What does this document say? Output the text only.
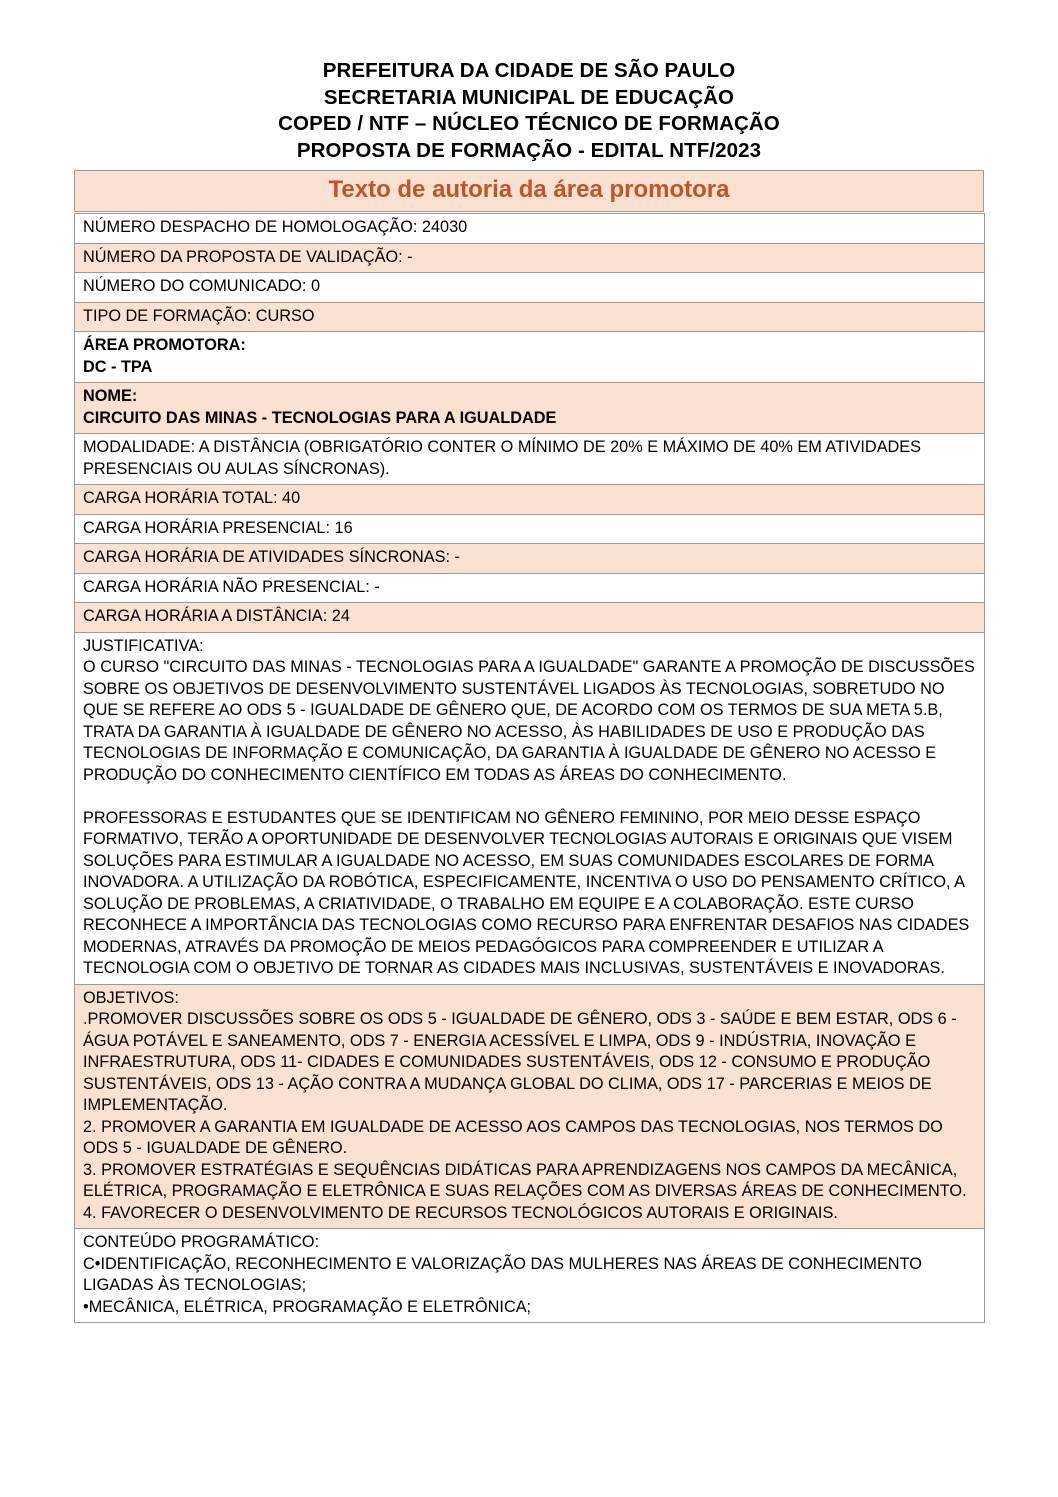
PREFEITURA DA CIDADE DE SÃO PAULO
SECRETARIA MUNICIPAL DE EDUCAÇÃO
COPED / NTF – NÚCLEO TÉCNICO DE FORMAÇÃO
PROPOSTA DE FORMAÇÃO - EDITAL NTF/2023
Texto de autoria da área promotora
NÚMERO DESPACHO DE HOMOLOGAÇÃO: 24030
NÚMERO DA PROPOSTA DE VALIDAÇÃO: -
NÚMERO DO COMUNICADO: 0
TIPO DE FORMAÇÃO: CURSO

ÁREA PROMOTORA:
DC - TPA

NOME:
CIRCUITO DAS MINAS - TECNOLOGIAS PARA A IGUALDADE

MODALIDADE: A DISTÂNCIA (OBRIGATÓRIO CONTER O MÍNIMO DE 20% E MÁXIMO DE 40% EM ATIVIDADES PRESENCIAIS OU AULAS SÍNCRONAS).
CARGA HORÁRIA TOTAL: 40
CARGA HORÁRIA PRESENCIAL: 16
CARGA HORÁRIA DE ATIVIDADES SÍNCRONAS: -
CARGA HORÁRIA NÃO PRESENCIAL: -
CARGA HORÁRIA A DISTÂNCIA: 24

JUSTIFICATIVA:
O CURSO "CIRCUITO DAS MINAS - TECNOLOGIAS PARA A IGUALDADE" GARANTE A PROMOÇÃO DE DISCUSSÕES SOBRE OS OBJETIVOS DE DESENVOLVIMENTO SUSTENTÁVEL LIGADOS ÀS TECNOLOGIAS, SOBRETUDO NO QUE SE REFERE AO ODS 5 - IGUALDADE DE GÊNERO QUE, DE ACORDO COM OS TERMOS DE SUA META 5.B, TRATA DA GARANTIA À IGUALDADE DE GÊNERO NO ACESSO, ÀS HABILIDADES DE USO E PRODUÇÃO DAS TECNOLOGIAS DE INFORMAÇÃO E COMUNICAÇÃO, DA GARANTIA À IGUALDADE DE GÊNERO NO ACESSO E PRODUÇÃO DO CONHECIMENTO CIENTÍFICO EM TODAS AS ÁREAS DO CONHECIMENTO.
PROFESSORAS E ESTUDANTES QUE SE IDENTIFICAM NO GÊNERO FEMININO, POR MEIO DESSE ESPAÇO FORMATIVO, TERÃO A OPORTUNIDADE DE DESENVOLVER TECNOLOGIAS AUTORAIS E ORIGINAIS QUE VISEM SOLUÇÕES PARA ESTIMULAR A IGUALDADE NO ACESSO, EM SUAS COMUNIDADES ESCOLARES DE FORMA INOVADORA. A UTILIZAÇÃO DA ROBÓTICA, ESPECIFICAMENTE, INCENTIVA O USO DO PENSAMENTO CRÍTICO, A SOLUÇÃO DE PROBLEMAS, A CRIATIVIDADE, O TRABALHO EM EQUIPE E A COLABORAÇÃO. ESTE CURSO RECONHECE A IMPORTÂNCIA DAS TECNOLOGIAS COMO RECURSO PARA ENFRENTAR DESAFIOS NAS CIDADES MODERNAS, ATRAVÉS DA PROMOÇÃO DE MEIOS PEDAGÓGICOS PARA COMPREENDER E UTILIZAR A TECNOLOGIA COM O OBJETIVO DE TORNAR AS CIDADES MAIS INCLUSIVAS, SUSTENTÁVEIS E INOVADORAS.

OBJETIVOS:
.PROMOVER DISCUSSÕES SOBRE OS ODS 5 - IGUALDADE DE GÊNERO, ODS 3 - SAÚDE E BEM ESTAR, ODS 6 - ÁGUA POTÁVEL E SANEAMENTO, ODS 7 - ENERGIA ACESSÍVEL E LIMPA, ODS 9 - INDÚSTRIA, INOVAÇÃO E INFRAESTRUTURA, ODS 11- CIDADES E COMUNIDADES SUSTENTÁVEIS, ODS 12 - CONSUMO E PRODUÇÃO SUSTENTÁVEIS, ODS 13 - AÇÃO CONTRA A MUDANÇA GLOBAL DO CLIMA, ODS 17 - PARCERIAS E MEIOS DE IMPLEMENTAÇÃO.
2. PROMOVER A GARANTIA EM IGUALDADE DE ACESSO AOS CAMPOS DAS TECNOLOGIAS, NOS TERMOS DO ODS 5 - IGUALDADE DE GÊNERO.
3. PROMOVER ESTRATÉGIAS E SEQUÊNCIAS DIDÁTICAS PARA APRENDIZAGENS NOS CAMPOS DA MECÂNICA, ELÉTRICA, PROGRAMAÇÃO E ELETRÔNICA E SUAS RELAÇÕES COM AS DIVERSAS ÁREAS DE CONHECIMENTO.
4. FAVORECER O DESENVOLVIMENTO DE RECURSOS TECNOLÓGICOS AUTORAIS E ORIGINAIS.

CONTEÚDO PROGRAMÁTICO:
C•IDENTIFICAÇÃO, RECONHECIMENTO E VALORIZAÇÃO DAS MULHERES NAS ÁREAS DE CONHECIMENTO LIGADAS ÀS TECNOLOGIAS;
•MECÂNICA, ELÉTRICA, PROGRAMAÇÃO E ELETRÔNICA;
